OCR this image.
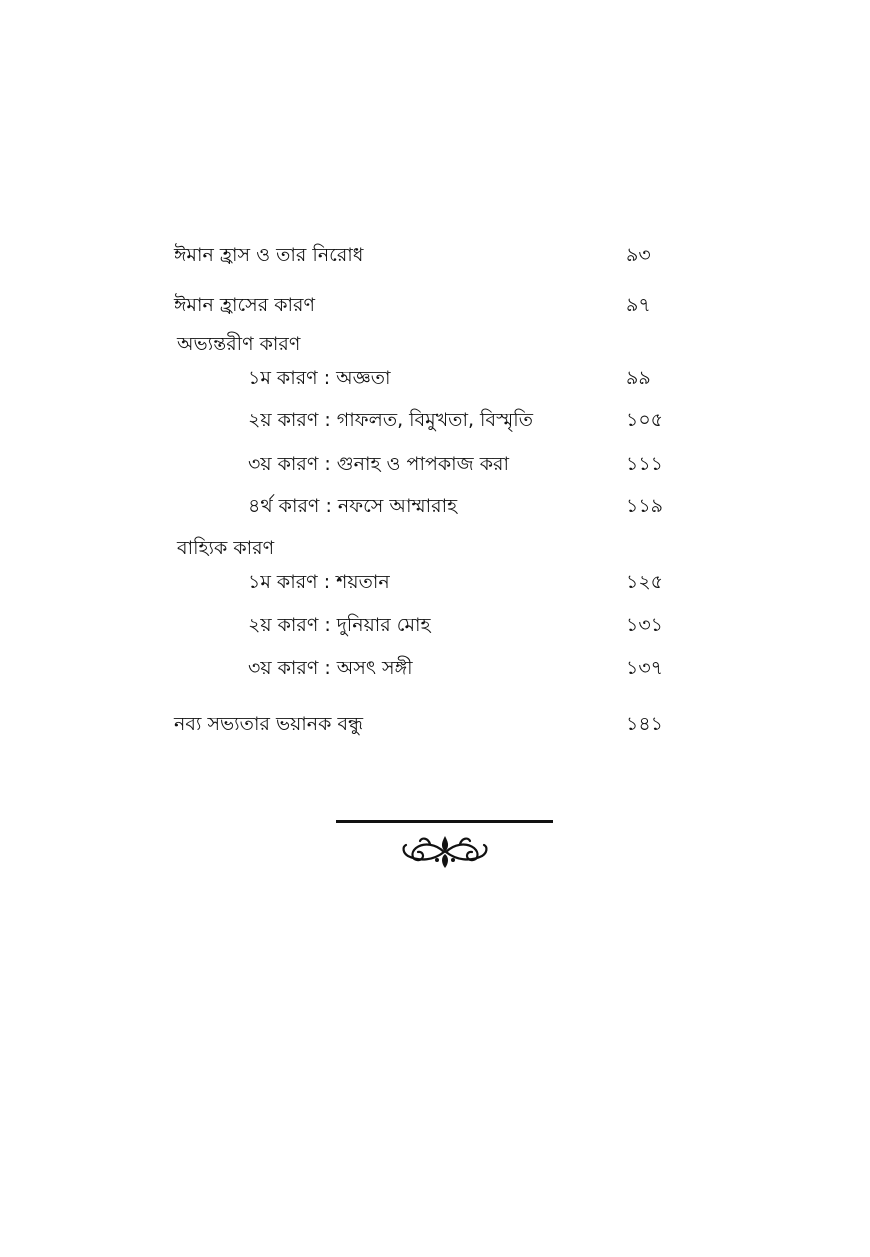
ঈমান হ্রাস ও তার নিরোধ	৯৩
ঈমান হ্রাসের কারণ	৯৭
অভ্যন্তরীণ কারণ
১ম কারণ : অজ্ঞতা	৯৯
২য় কারণ : গাফলত, বিমুখতা, বিস্মৃতি	১০৫
৩য় কারণ : গুনাহ ও পাপকাজ করা	১১১
৪র্থ কারণ : নফসে আম্মারাহ	১১৯
বাহ্যিক কারণ
১ম কারণ : শয়তান	১২৫
২য় কারণ : দুনিয়ার মোহ	১৩১
৩য় কারণ : অসৎ সঙ্গী	১৩৭
নব্য সভ্যতার ভয়ানক বন্ধু	১৪১
